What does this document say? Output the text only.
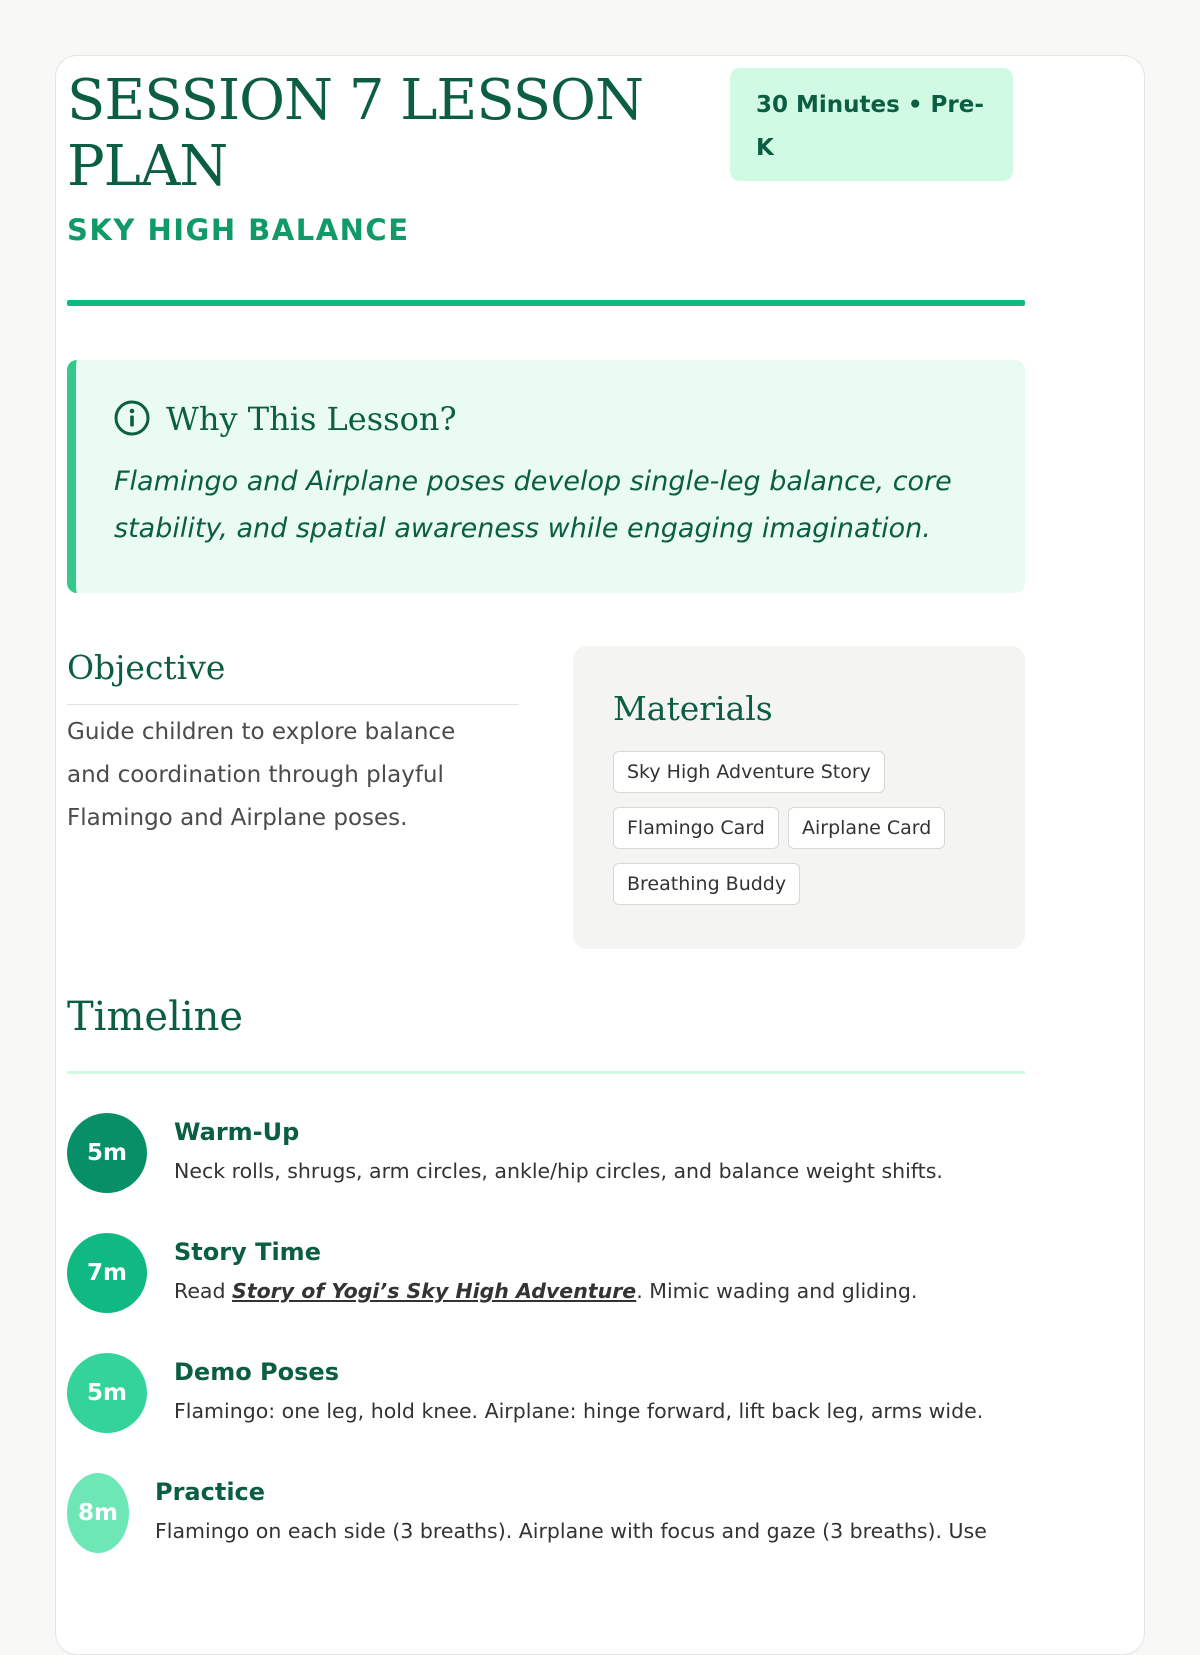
SESSION 7 LESSON PLAN
SKY HIGH BALANCE
30 Minutes • Pre-K
Why This Lesson?
Flamingo and Airplane poses develop single-leg balance, core stability, and spatial awareness while engaging imagination.
Objective
Guide children to explore balance and coordination through playful Flamingo and Airplane poses.
Materials
Sky High Adventure Story
Flamingo Card	Airplane Card
Breathing Buddy
Timeline
5m
Warm-Up
Neck rolls, shrugs, arm circles, ankle/hip circles, and balance weight shifts.
7m
Story Time
Read Story of Yogi’s Sky High Adventure. Mimic wading and gliding.
5m
Demo Poses
Flamingo: one leg, hold knee. Airplane: hinge forward, lift back leg, arms wide.
8m
Practice
Flamingo on each side (3 breaths). Airplane with focus and gaze (3 breaths). Use
